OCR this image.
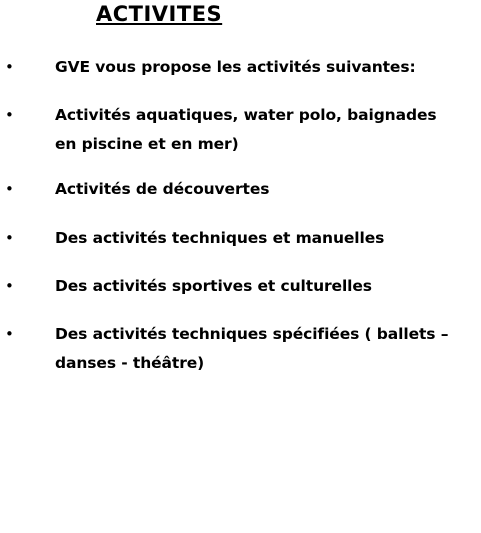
ACTIVITES
•	GVE vous propose les activités suivantes:
•	Activités aquatiques, water polo, baignades en piscine et en mer)
•	Activités de découvertes
•	Des activités techniques et manuelles
•	Des activités sportives et culturelles
•	Des activités techniques spécifiées ( ballets – danses - théâtre)
